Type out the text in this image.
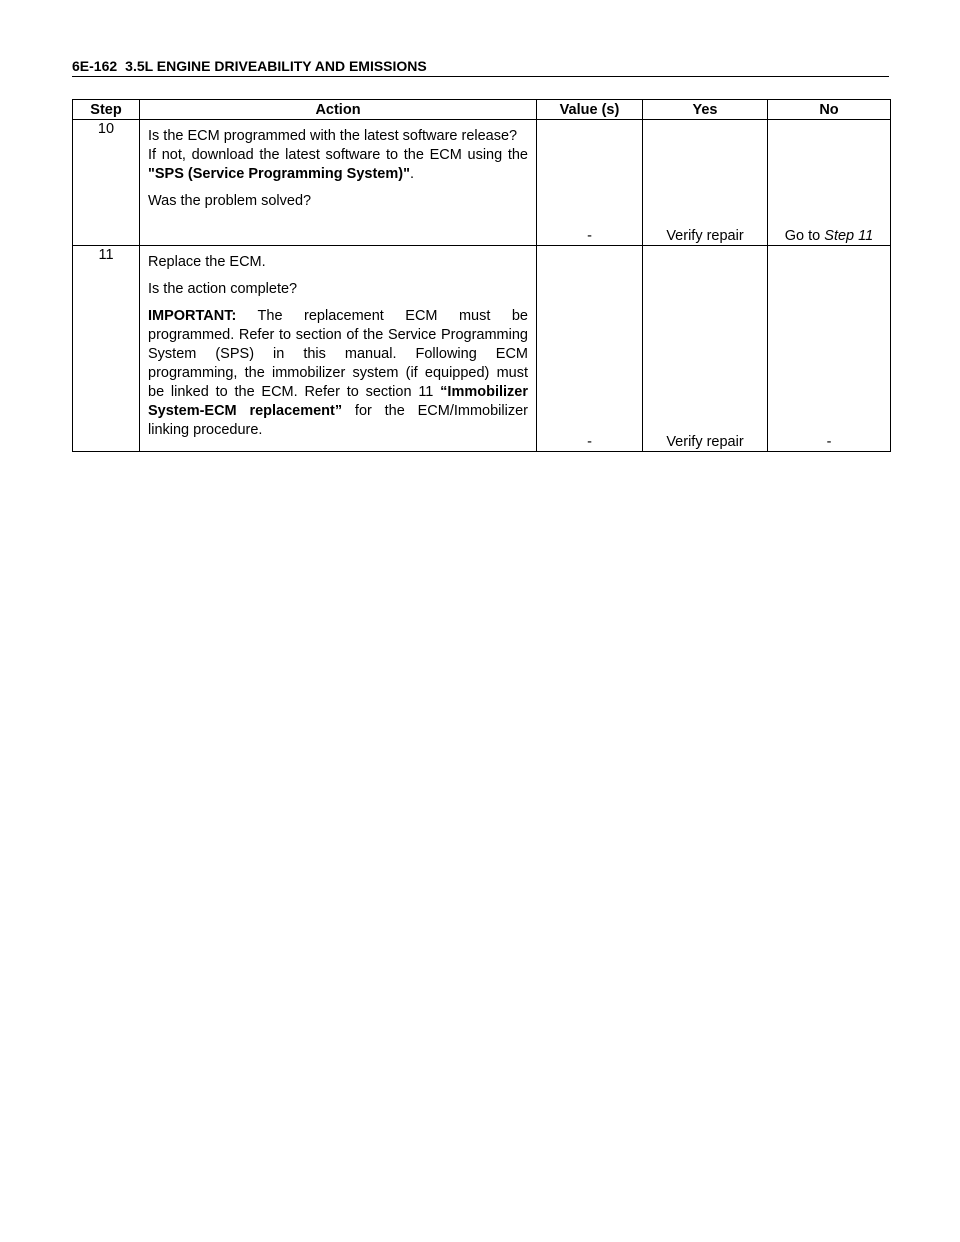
6E-162 3.5L ENGINE DRIVEABILITY AND EMISSIONS
Step	Action	Value (s)	Yes	No
10	Is the ECM programmed with the latest software release?

If not, download the latest software to the ECM using the "SPS (Service Programming System)".

Was the problem solved?	-	Verify repair	Go to Step 11
11	Replace the ECM.

Is the action complete?

IMPORTANT: The replacement ECM must be programmed. Refer to section of the Service Programming System (SPS) in this manual. Following ECM programming, the immobilizer system (if equipped) must be linked to the ECM. Refer to section 11 “Immobilizer System-ECM replacement” for the ECM/Immobilizer linking procedure.	-	Verify repair	-
